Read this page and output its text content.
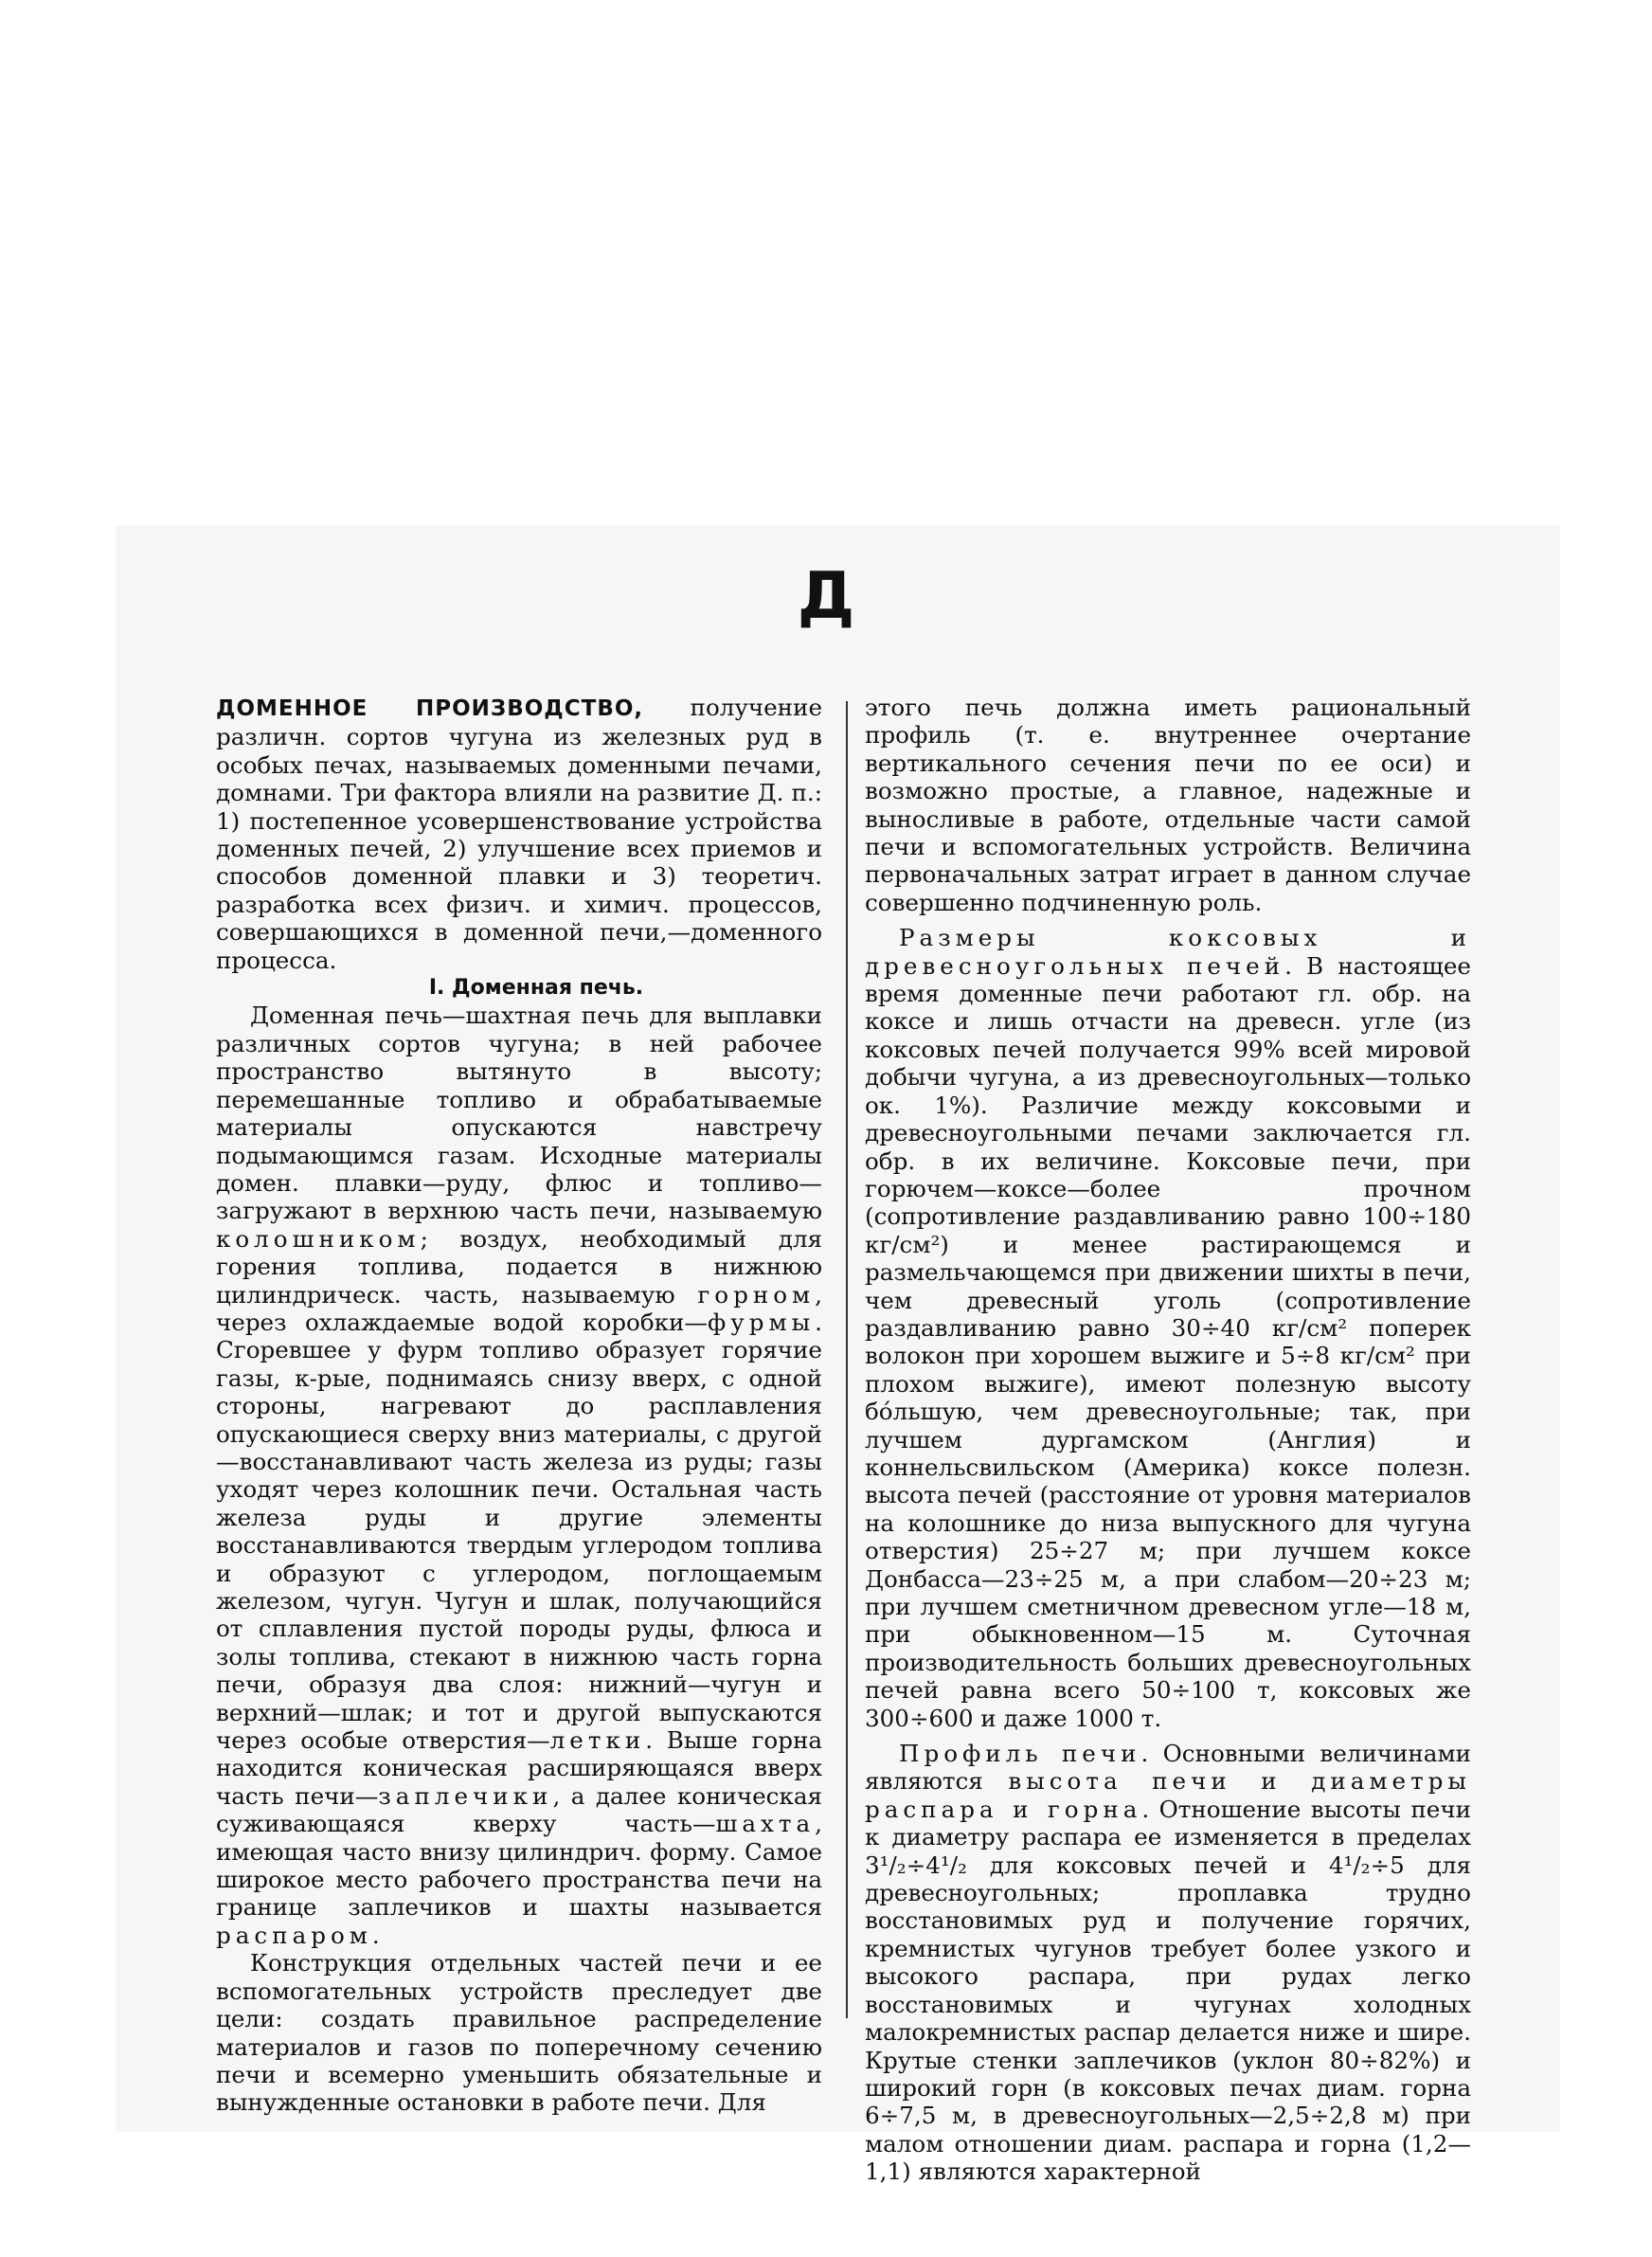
Д

ДОМЕННОЕ ПРОИЗВОДСТВО, получение различн. сортов чугуна из железных руд в особых печах, называемых доменными печами, домнами. Три фактора влияли на развитие Д. п.: 1) постепенное усовершенствование устройства доменных печей, 2) улучшение всех приемов и способов доменной плавки и 3) теоретич. разработка всех физич. и химич. процессов, совершающихся в доменной печи,—доменного процесса.

I. Доменная печь.

Доменная печь—шахтная печь для выплавки различных сортов чугуна; в ней рабочее пространство вытянуто в высоту; перемешанные топливо и обрабатываемые материалы опускаются навстречу подымающимся газам. Исходные материалы домен. плавки—руду, флюс и топливо—загружают в верхнюю часть печи, называемую колошником; воздух, необходимый для горения топлива, подается в нижнюю цилиндрическ. часть, называемую горном, через охлаждаемые водой коробки—фурмы. Сгоревшее у фурм топливо образует горячие газы, к-рые, поднимаясь снизу вверх, с одной стороны, нагревают до расплавления опускающиеся сверху вниз материалы, с другой—восстанавливают часть железа из руды; газы уходят через колошник печи. Остальная часть железа руды и другие элементы восстанавливаются твердым углеродом топлива и образуют с углеродом, поглощаемым железом, чугун. Чугун и шлак, получающийся от сплавления пустой породы руды, флюса и золы топлива, стекают в нижнюю часть горна печи, образуя два слоя: нижний—чугун и верхний—шлак; и тот и другой выпускаются через особые отверстия—летки. Выше горна находится коническая расширяющаяся вверх часть печи—заплечики, а далее коническая суживающаяся кверху часть—шахта, имеющая часто внизу цилиндрич. форму. Самое широкое место рабочего пространства печи на границе заплечиков и шахты называется распаром.

Конструкция отдельных частей печи и ее вспомогательных устройств преследует две цели: создать правильное распределение материалов и газов по поперечному сечению печи и всемерно уменьшить обязательные и вынужденные остановки в работе печи. Для

этого печь должна иметь рациональный профиль (т. е. внутреннее очертание вертикального сечения печи по ее оси) и возможно простые, а главное, надежные и выносливые в работе, отдельные части самой печи и вспомогательных устройств. Величина первоначальных затрат играет в данном случае совершенно подчиненную роль.

Размеры коксовых и древесноугольных печей. В настоящее время доменные печи работают гл. обр. на коксе и лишь отчасти на древесн. угле (из коксовых печей получается 99% всей мировой добычи чугуна, а из древесноугольных—только ок. 1%). Различие между коксовыми и древесноугольными печами заключается гл. обр. в их величине. Коксовые печи, при горючем—коксе—более прочном (сопротивление раздавливанию равно 100÷180 кг/см²) и менее растирающемся и размельчающемся при движении шихты в печи, чем древесный уголь (сопротивление раздавливанию равно 30÷40 кг/см² поперек волокон при хорошем выжиге и 5÷8 кг/см² при плохом выжиге), имеют полезную высоту бо́льшую, чем древесноугольные; так, при лучшем дургамском (Англия) и коннельсвильском (Америка) коксе полезн. высота печей (расстояние от уровня материалов на колошнике до низа выпускного для чугуна отверстия) 25÷27 м; при лучшем коксе Донбасса—23÷25 м, а при слабом—20÷23 м; при лучшем сметничном древесном угле—18 м, при обыкновенном—15 м. Суточная производительность больших древесноугольных печей равна всего 50÷100 т, коксовых же 300÷600 и даже 1000 т.

Профиль печи. Основными величинами являются высота печи и диаметры распара и горна. Отношение высоты печи к диаметру распара ее изменяется в пределах 3¹/₂÷4¹/₂ для коксовых печей и 4¹/₂÷5 для древесноугольных; проплавка трудно восстановимых руд и получение горячих, кремнистых чугунов требует более узкого и высокого распара, при рудах легко восстановимых и чугунах холодных малокремнистых распар делается ниже и шире. Крутые стенки заплечиков (уклон 80÷82%) и широкий горн (в коксовых печах диам. горна 6÷7,5 м, в древесноугольных—2,5÷2,8 м) при малом отношении диам. распара и горна (1,2—1,1) являются характерной
